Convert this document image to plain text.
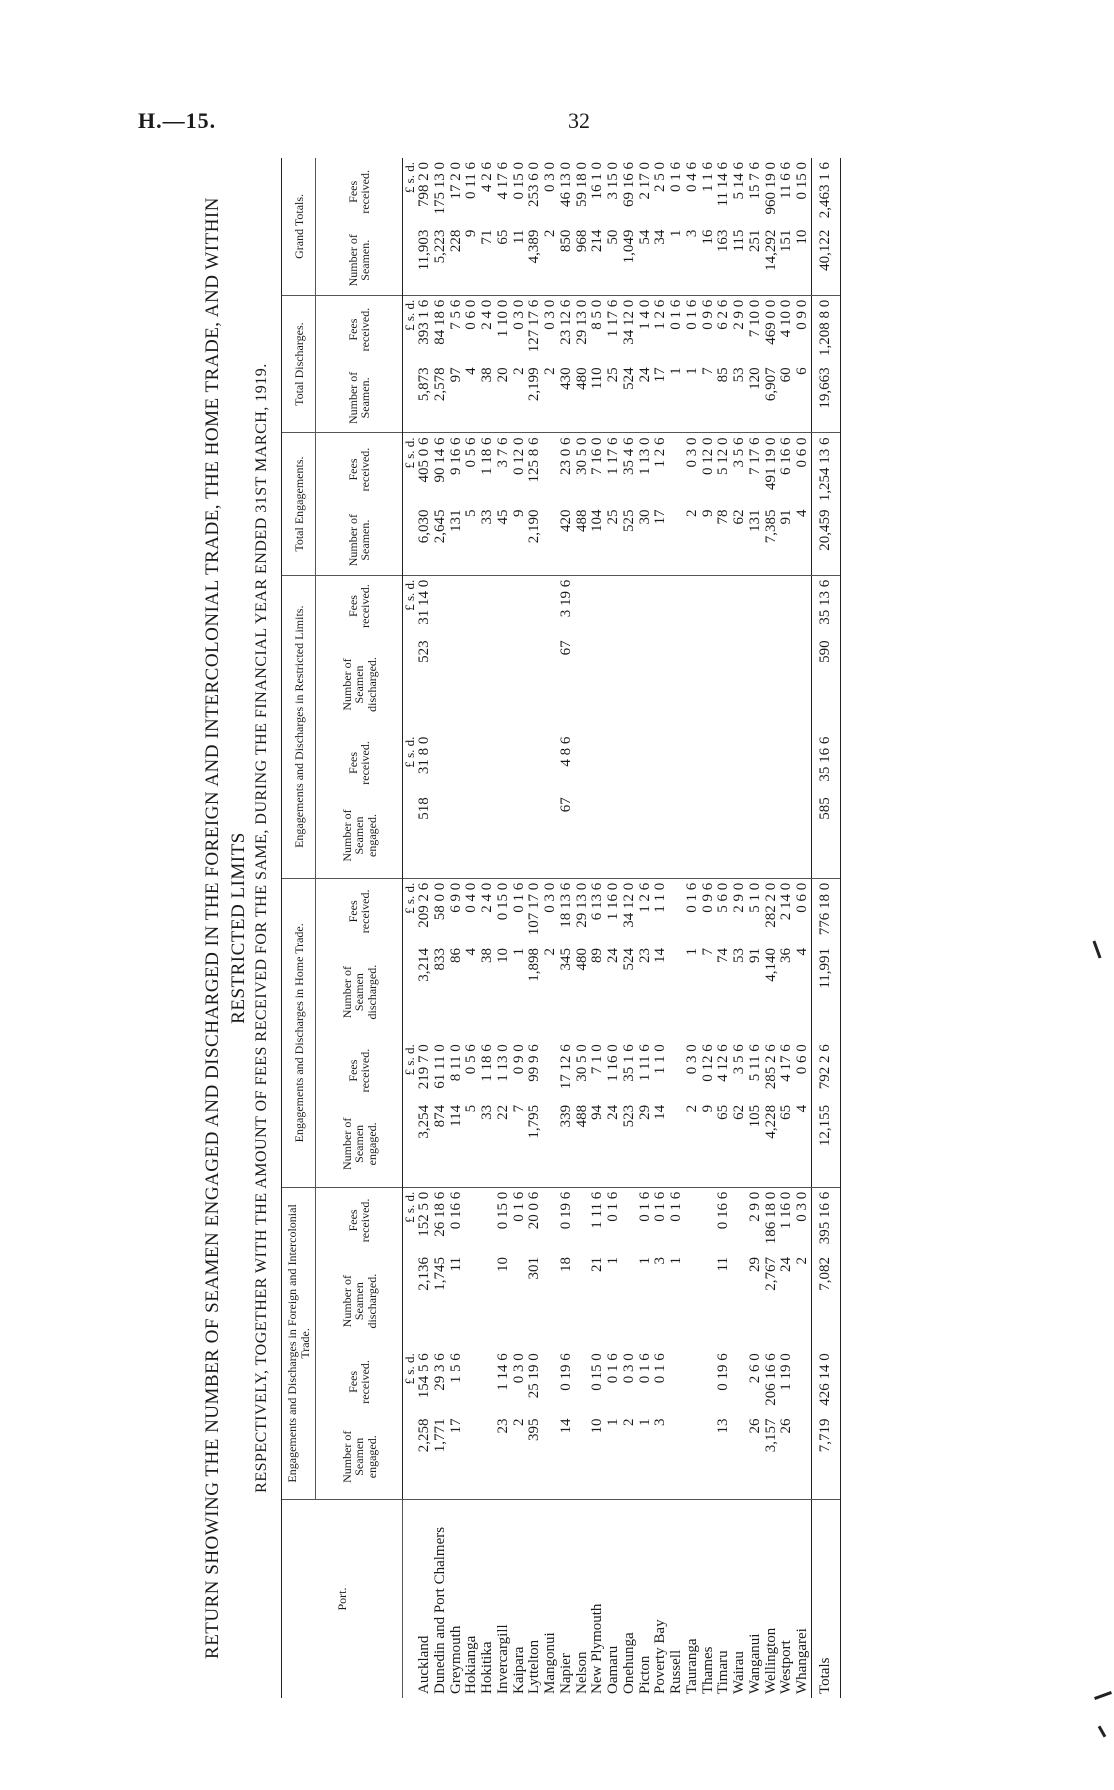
H.—15.	32
RETURN SHOWING THE NUMBER OF SEAMEN ENGAGED AND DISCHARGED IN THE FOREIGN AND INTERCOLONIAL TRADE, THE HOME TRADE, AND WITHIN RESTRICTED LIMITS RESPECTIVELY, TOGETHER WITH THE AMOUNT OF FEES RECEIVED FOR THE SAME, DURING THE FINANCIAL YEAR ENDED 31ST MARCH, 1919.
Port.	Engagements and Discharges in Foreign and Intercolonial Trade.				Engagements and Discharges in Home Trade.				Engagements and Discharges in Restricted Limits.				Total Engagements.		Total Discharges.		Grand Totals.	
	Number of Seamen engaged.	Fees received.	Number of Seamen discharged.	Fees received.	Number of Seamen engaged.	Fees received.	Number of Seamen discharged.	Fees received.	Number of Seamen engaged.	Fees received.	Number of Seamen discharged.	Fees received.	Number of Seamen.	Fees received.	Number of Seamen.	Fees received.	Number of Seamen.	Fees received.
		£ s. d.		£ s. d.		£ s. d.		£ s. d.		£ s. d.		£ s. d.		£ s. d.		£ s. d.		£ s. d.
Auckland	2,258	154 5 6	2,136	152 5 0	3,254	219 7 0	3,214	209 2 6	518	31 8 0	523	31 14 0	6,030	405 0 6	5,873	393 1 6	11,903	798 2 0
Dunedin and Port Chalmers	1,771	29 3 6	1,745	26 18 6	874	61 11 0	833	58 0 0					2,645	90 14 6	2,578	84 18 6	5,223	175 13 0
Greymouth	17	1 5 6	11	0 16 6	114	8 11 0	86	6 9 0					131	9 16 6	97	7 5 6	228	17 2 0
Hokianga					5	0 5 6	4	0 4 0					5	0 5 6	4	0 6 0	9	0 11 6
Hokitika					33	1 18 6	38	2 4 0					33	1 18 6	38	2 4 0	71	4 2 6
Invercargill	23	1 14 6	10	0 15 0	22	1 13 0	10	0 15 0					45	3 7 6	20	1 10 0	65	4 17 6
Kaipara	2	0 3 0		0 1 6	7	0 9 0	1	0 1 6					9	0 12 0	2	0 3 0	11	0 15 0
Lyttelton	395	25 19 0	301	20 0 6	1,795	99 9 6	1,898	107 17 0					2,190	125 8 6	2,199	127 17 6	4,389	253 6 0
Mangonui							2	0 3 0							2	0 3 0	2	0 3 0
Napier	14	0 19 6	18	0 19 6	339	17 12 6	345	18 13 6	67	4 8 6	67	3 19 6	420	23 0 6	430	23 12 6	850	46 13 0
Nelson					488	30 5 0	480	29 13 0					488	30 5 0	480	29 13 0	968	59 18 0
New Plymouth	10	0 15 0	21	1 11 6	94	7 1 0	89	6 13 6					104	7 16 0	110	8 5 0	214	16 1 0
Oamaru	1	0 1 6	1	0 1 6	24	1 16 0	24	1 16 0					25	1 17 6	25	1 17 6	50	3 15 0
Onehunga	2	0 3 0			523	35 1 6	524	34 12 0					525	35 4 6	524	34 12 0	1,049	69 16 6
Picton	1	0 1 6	1	0 1 6	29	1 11 6	23	1 2 6					30	1 13 0	24	1 4 0	54	2 17 0
Poverty Bay	3	0 1 6	3	0 1 6	14	1 1 0	14	1 1 0					17	1 2 6	17	1 2 6	34	2 5 0
Russell			1	0 1 6											1	0 1 6	1	0 1 6
Tauranga					2	0 3 0	1	0 1 6					2	0 3 0	1	0 1 6	3	0 4 6
Thames					9	0 12 6	7	0 9 6					9	0 12 0	7	0 9 6	16	1 1 6
Timaru	13	0 19 6	11	0 16 6	65	4 12 6	74	5 6 0					78	5 12 0	85	6 2 6	163	11 14 6
Wairau					62	3 5 6	53	2 9 0					62	3 5 6	53	2 9 0	115	5 14 6
Wanganui	26	2 6 0	29	2 9 0	105	5 11 6	91	5 1 0					131	7 17 6	120	7 10 0	251	15 7 6
Wellington	3,157	206 16 6	2,767	186 18 0	4,228	285 2 6	4,140	282 2 0					7,385	491 19 0	6,907	469 0 0	14,292	960 19 0
Westport	26	1 19 0	24	1 16 0	65	4 17 6	36	2 14 0					91	6 16 6	60	4 10 0	151	11 6 6
Whangarei			2	0 3 0	4	0 6 0	4	0 6 0					4	0 6 0	6	0 9 0	10	0 15 0
Totals	7,719	426 14 0	7,082	395 16 6	12,155	792 2 6	11,991	776 18 0	585	35 16 6	590	35 13 6	20,459	1,254 13 6	19,663	1,208 8 0	40,122	2,463 1 6
